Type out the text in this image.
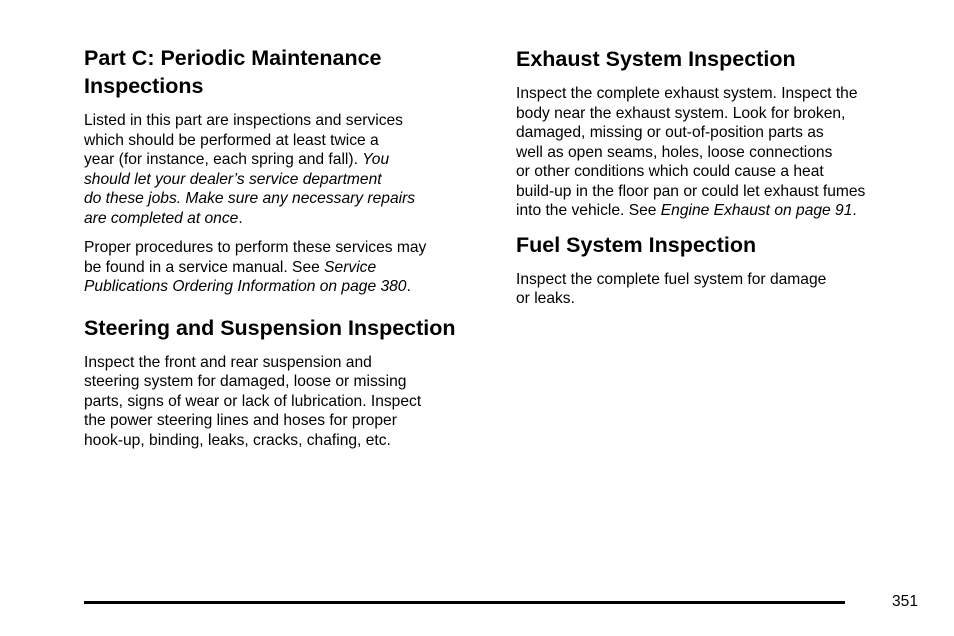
Part C: Periodic Maintenance
Inspections

Listed in this part are inspections and services
which should be performed at least twice a
year (for instance, each spring and fall). You
should let your dealer’s service department
do these jobs. Make sure any necessary repairs
are completed at once.

Proper procedures to perform these services may
be found in a service manual. See Service
Publications Ordering Information on page 380.

Steering and Suspension Inspection

Inspect the front and rear suspension and
steering system for damaged, loose or missing
parts, signs of wear or lack of lubrication. Inspect
the power steering lines and hoses for proper
hook-up, binding, leaks, cracks, chafing, etc.

Exhaust System Inspection

Inspect the complete exhaust system. Inspect the
body near the exhaust system. Look for broken,
damaged, missing or out-of-position parts as
well as open seams, holes, loose connections
or other conditions which could cause a heat
build-up in the floor pan or could let exhaust fumes
into the vehicle. See Engine Exhaust on page 91.

Fuel System Inspection

Inspect the complete fuel system for damage
or leaks.

351
